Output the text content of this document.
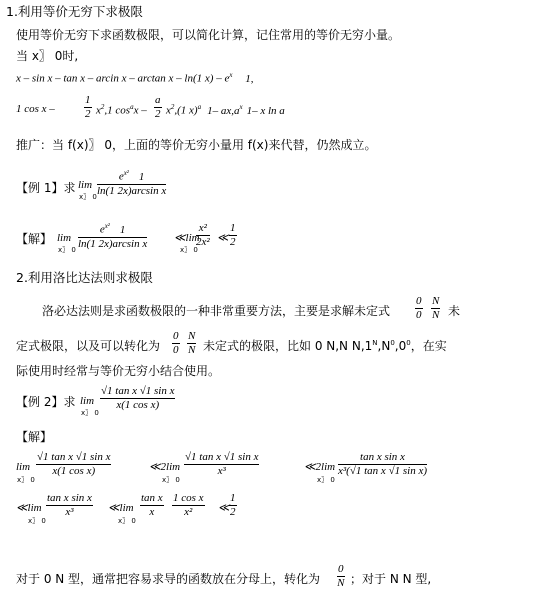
1.利用等价无穷下求极限
使用等价无穷下求函数极限，可以简化计算，记住常用的等价无穷小量。
当 x〗 0时,
x – sin x – tan x – arcin x – arctan x – ln(1 $x) - e^x$ 1,
1 cos x –	$\frac{1}{2} x^2,1$ $\cos^ax - \frac{a}{2} x^2,(1$ x)$^a$ 1– $ax,a^x$ 1– x ln a
推广：当 f(x)〗 0，上面的等价无穷小量用 f(x)来代替，仍然成立。
【例 1】求 lim
x〗 0
$\frac{e^{x^2} 1}{\text{ln(1 2x)arcsin x}}$
【解】 lim
x〗 0
$\frac{e^{x^2} 1}{\text{ln(1 2x)arcsin x}}$ ≪lim
x〗 0
$\frac{\text{x²}}{\text{2x²}}$ ≪ $\frac{1}{2}$
2.利用洛比达法则求极限
洛必达法则是求函数极限的一种非常重要方法，主要是求解未定式 $\frac{0}{0} \frac{N}{N}$ 未
定式极限，以及可以转化为 $\frac{0}{0} \frac{N}{N}$ 未定式的极限，比如 0 N,N $N,1^N,N^0,0^0$，在实
际使用时经常与等价无穷小结合使用。
【例 2】求 lim
x〗 0
$\frac{\text{√1 tan x √1 sin x}}{\text{x(1 cos x)}}$
【解】
lim
x〗 0
$\frac{\text{√1 tan x √1 sin x}}{\text{x(1 cos x)}}$	≪2lim
x〗 0
$\frac{\text{√1 tan x √1 sin x}}{\text{x³}}$	≪2lim
x〗 0
$\frac{\text{tan x sin x}}{\text{x³(√1 tan x √1 sin x)}}$
≪lim
x〗 0
$\frac{\text{tan x sin x}}{\text{x³}}$ ≪lim
x〗 0
$\frac{\text{tan x}}{x} \frac{\text{1 cos x}}{\text{x²}}$ ≪ $\frac{1}{2}$
对于 0 N 型，通常把容易求导的函数放在分母上，转化为 $\frac{0}{N}$ ；对于 N N 型,
